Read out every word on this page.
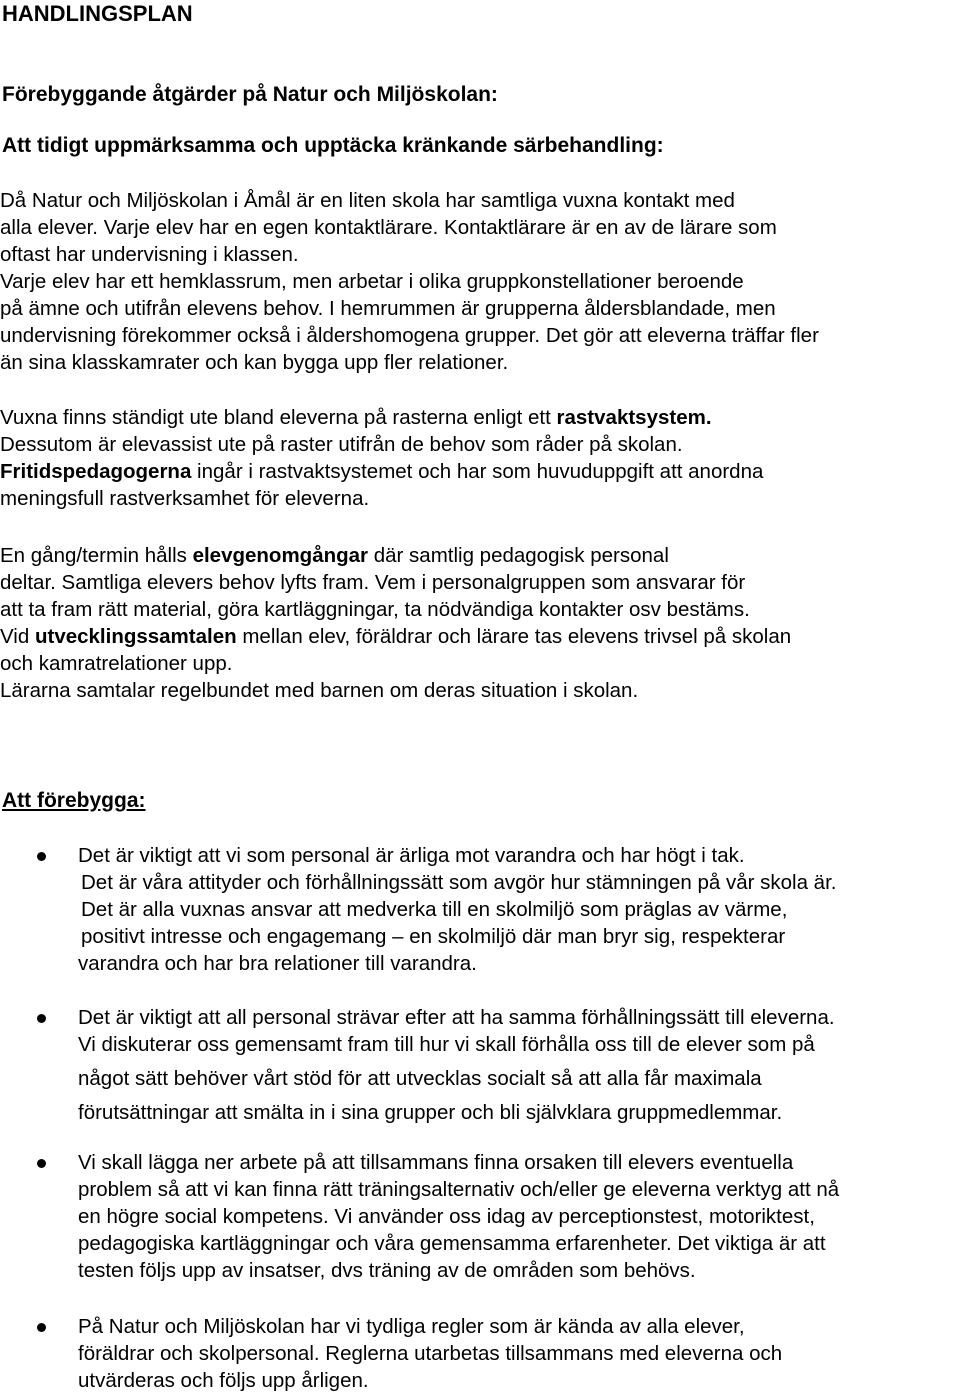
HANDLINGSPLAN
Förebyggande åtgärder på Natur och Miljöskolan:
Att tidigt uppmärksamma och upptäcka kränkande särbehandling:
Då Natur och Miljöskolan i Åmål är en liten skola har samtliga vuxna kontakt med
alla elever. Varje elev har en egen kontaktlärare. Kontaktlärare är en av de lärare som
oftast har undervisning i klassen.
Varje elev har ett hemklassrum, men arbetar i olika gruppkonstellationer beroende
på ämne och utifrån elevens behov. I hemrummen är grupperna åldersblandade, men
undervisning förekommer också i åldershomogena grupper. Det gör att eleverna träffar fler
än sina klasskamrater och kan bygga upp fler relationer.
Vuxna finns ständigt ute bland eleverna på rasterna enligt ett rastvaktsystem.
Dessutom är elevassist ute på raster utifrån de behov som råder på skolan.
Fritidspedagogerna ingår i rastvaktsystemet och har som huvuduppgift att anordna
meningsfull rastverksamhet för eleverna.
En gång/termin hålls elevgenomgångar där samtlig pedagogisk personal
deltar. Samtliga elevers behov lyfts fram. Vem i personalgruppen som ansvarar för
att ta fram rätt material, göra kartläggningar, ta nödvändiga kontakter osv bestäms.
Vid utvecklingssamtalen mellan elev, föräldrar och lärare tas elevens trivsel på skolan
och kamratrelationer upp.
Lärarna samtalar regelbundet med barnen om deras situation i skolan.
Att förebygga:
Det är viktigt att vi som personal är ärliga mot varandra och har högt i tak.
Det är våra attityder och förhållningssätt som avgör hur stämningen på vår skola är.
Det är alla vuxnas ansvar att medverka till en skolmiljö som präglas av värme,
positivt intresse och engagemang – en skolmiljö där man bryr sig, respekterar
varandra och har bra relationer till varandra.
Det är viktigt att all personal strävar efter att ha samma förhållningssätt till eleverna.
Vi diskuterar oss gemensamt fram till hur vi skall förhålla oss till de elever som på
något sätt behöver vårt stöd för att utvecklas socialt så att alla får maximala
förutsättningar att smälta in i sina grupper och bli självklara gruppmedlemmar.
Vi skall lägga ner arbete på att tillsammans finna orsaken till elevers eventuella
problem så att vi kan finna rätt träningsalternativ och/eller ge eleverna verktyg att nå
en högre social kompetens. Vi använder oss idag av perceptionstest, motoriktest,
pedagogiska kartläggningar och våra gemensamma erfarenheter. Det viktiga är att
testen följs upp av insatser, dvs träning av de områden som behövs.
På Natur och Miljöskolan har vi tydliga regler som är kända av alla elever,
föräldrar och skolpersonal. Reglerna utarbetas tillsammans med eleverna och
utvärderas och följs upp årligen.
